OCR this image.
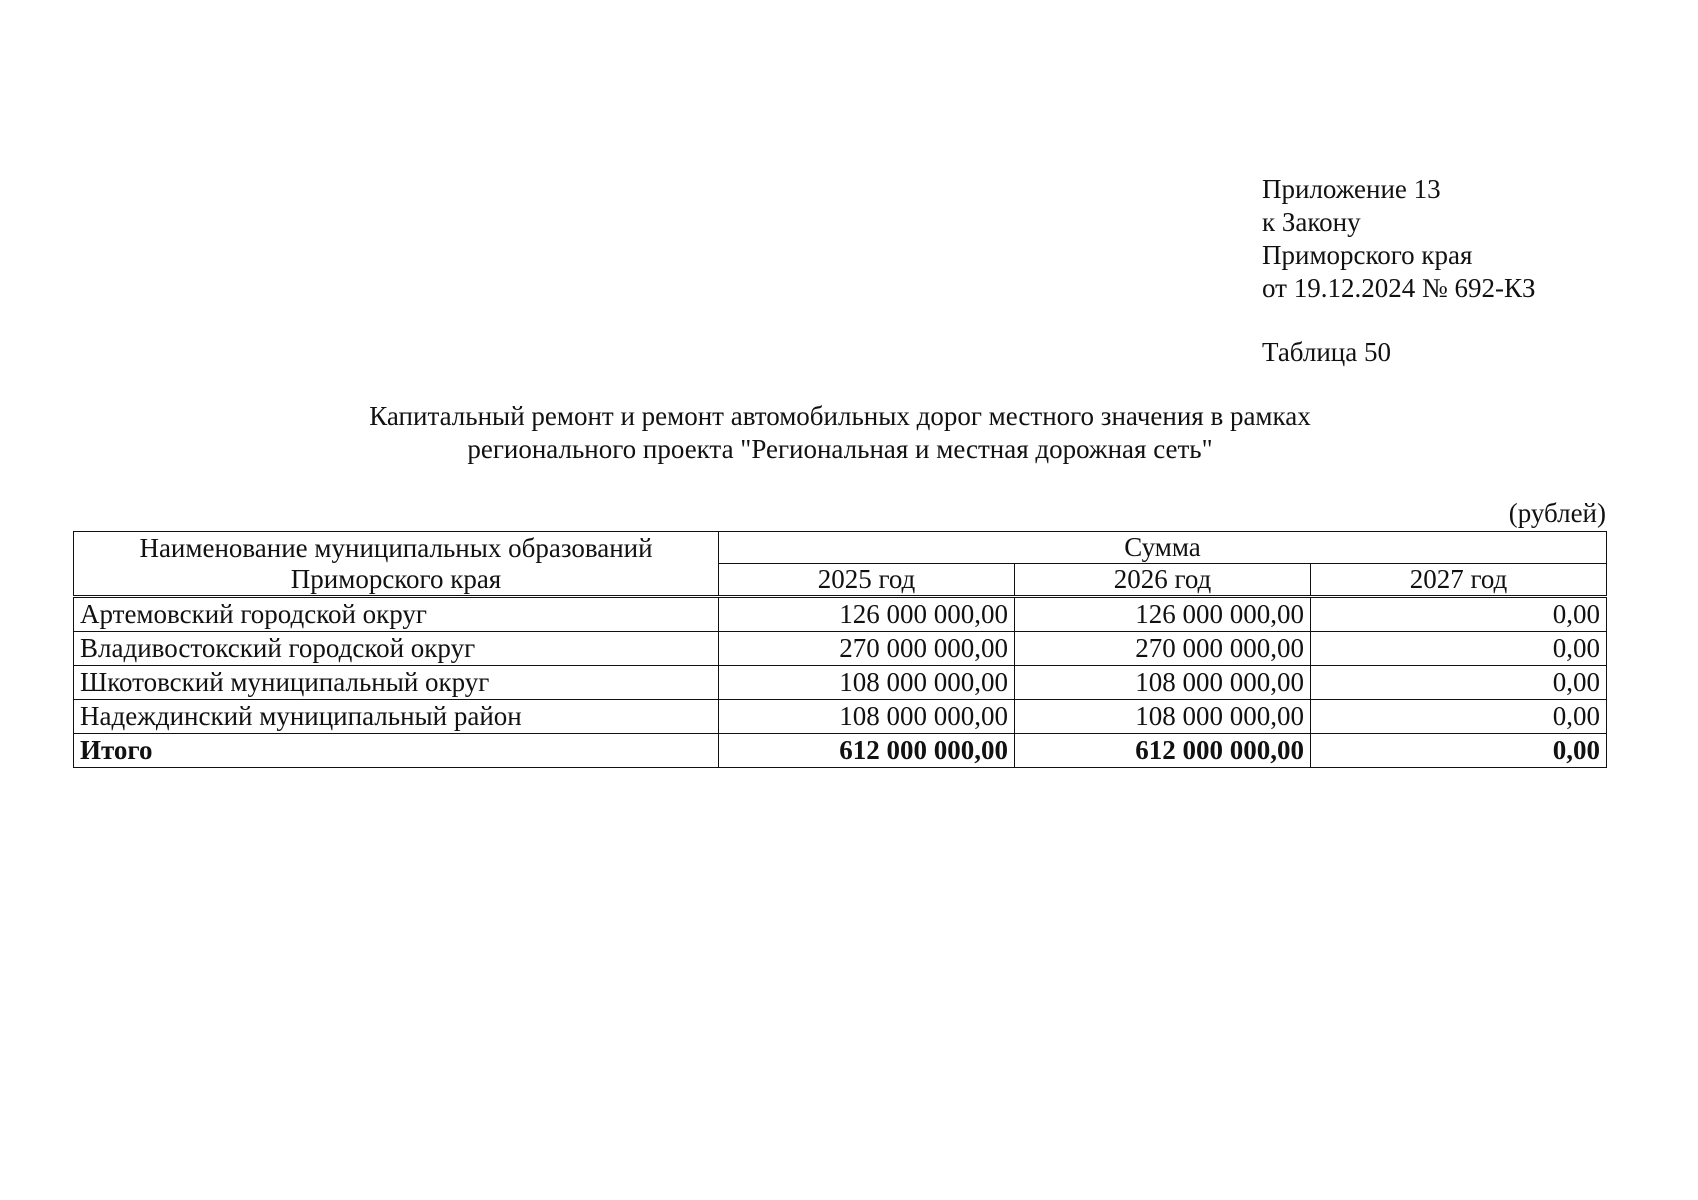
Приложение 13
к Закону
Приморского края
от 19.12.2024 № 692-КЗ
Таблица 50
Капитальный ремонт и ремонт автомобильных дорог местного значения в рамках
регионального проекта "Региональная и местная дорожная сеть"
(рублей)
Наименование муниципальных образований
Приморского края	Сумма		
	2025 год	2026 год	2027 год
Артемовский городской округ	126 000 000,00	126 000 000,00	0,00
Владивостокский городской округ	270 000 000,00	270 000 000,00	0,00
Шкотовский муниципальный округ	108 000 000,00	108 000 000,00	0,00
Надеждинский муниципальный район	108 000 000,00	108 000 000,00	0,00
Итого	612 000 000,00	612 000 000,00	0,00
